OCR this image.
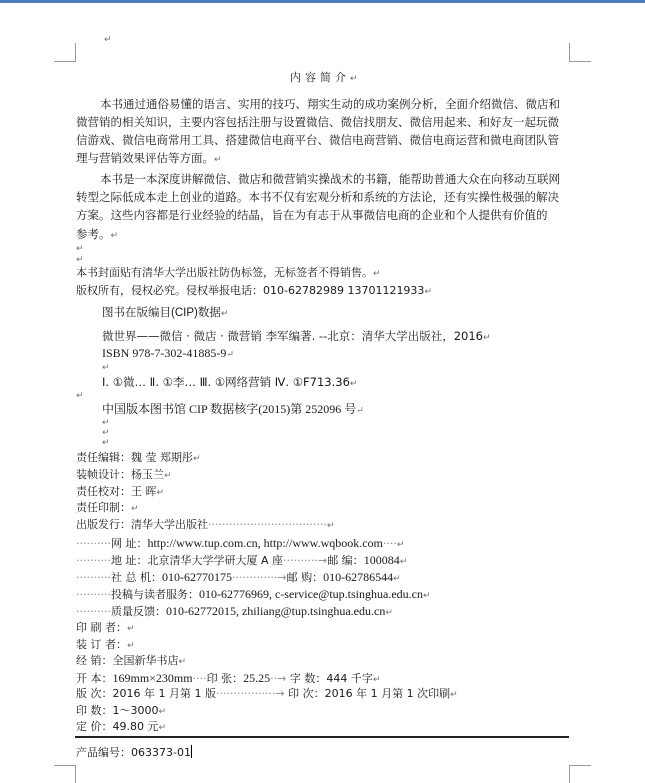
↵
内容简介↵
本书通过通俗易懂的语言、实用的技巧、翔实生动的成功案例分析，全面介绍微信、微店和
微营销的相关知识，主要内容包括注册与设置微信、微信找朋友、微信用起来、和好友一起玩微
信游戏、微信电商常用工具、搭建微信电商平台、微信电商营销、微信电商运营和微电商团队管
理与营销效果评估等方面。↵
本书是一本深度讲解微信、微店和微营销实操战术的书籍，能帮助普通大众在向移动互联网
转型之际低成本走上创业的道路。本书不仅有宏观分析和系统的方法论，还有实操性极强的解决
方案。这些内容都是行业经验的结晶，旨在为有志于从事微信电商的企业和个人提供有价值的
参考。↵
↵
↵
本书封面贴有清华大学出版社防伪标签，无标签者不得销售。↵
版权所有，侵权必究。侵权举报电话：010-62782989 13701121933↵
图书在版编目(CIP)数据↵
微世界——微信 · 微店 · 微营销 李军编著. --北京：清华大学出版社，2016↵
ISBN 978-7-302-41885-9↵
↵
Ⅰ. ①微… Ⅱ. ①李… Ⅲ. ①网络营销 Ⅳ. ①F713.36↵
↵
中国版本图书馆 CIP 数据核字(2015)第 252096 号↵
↵
↵
↵
责任编辑：魏 莹 郑期彤↵
装帧设计：杨玉兰↵
责任校对：王 晖↵
责任印制：↵
出版发行：清华大学出版社··································↵
··········网 址：http://www.tup.com.cn, http://www.wqbook.com····↵
··········地 址：北京清华大学学研大厦 A 座··········→邮 编：100084↵
··········社 总 机：010-62770175·············→邮 购：010-62786544↵
··········投稿与读者服务：010-62776969, c-service@tup.tsinghua.edu.cn↵
··········质量反馈：010-62772015, zhiliang@tup.tsinghua.edu.cn↵
印 刷 者：↵
装 订 者：↵
经 销：全国新华书店↵
开 本：169mm×230mm····印 张：25.25··→ 字 数：444 千字↵
版 次：2016 年 1 月第 1 版·················→ 印 次：2016 年 1 月第 1 次印刷↵
印 数：1～3000↵
定 价：49.80 元↵
产品编号：063373-01
